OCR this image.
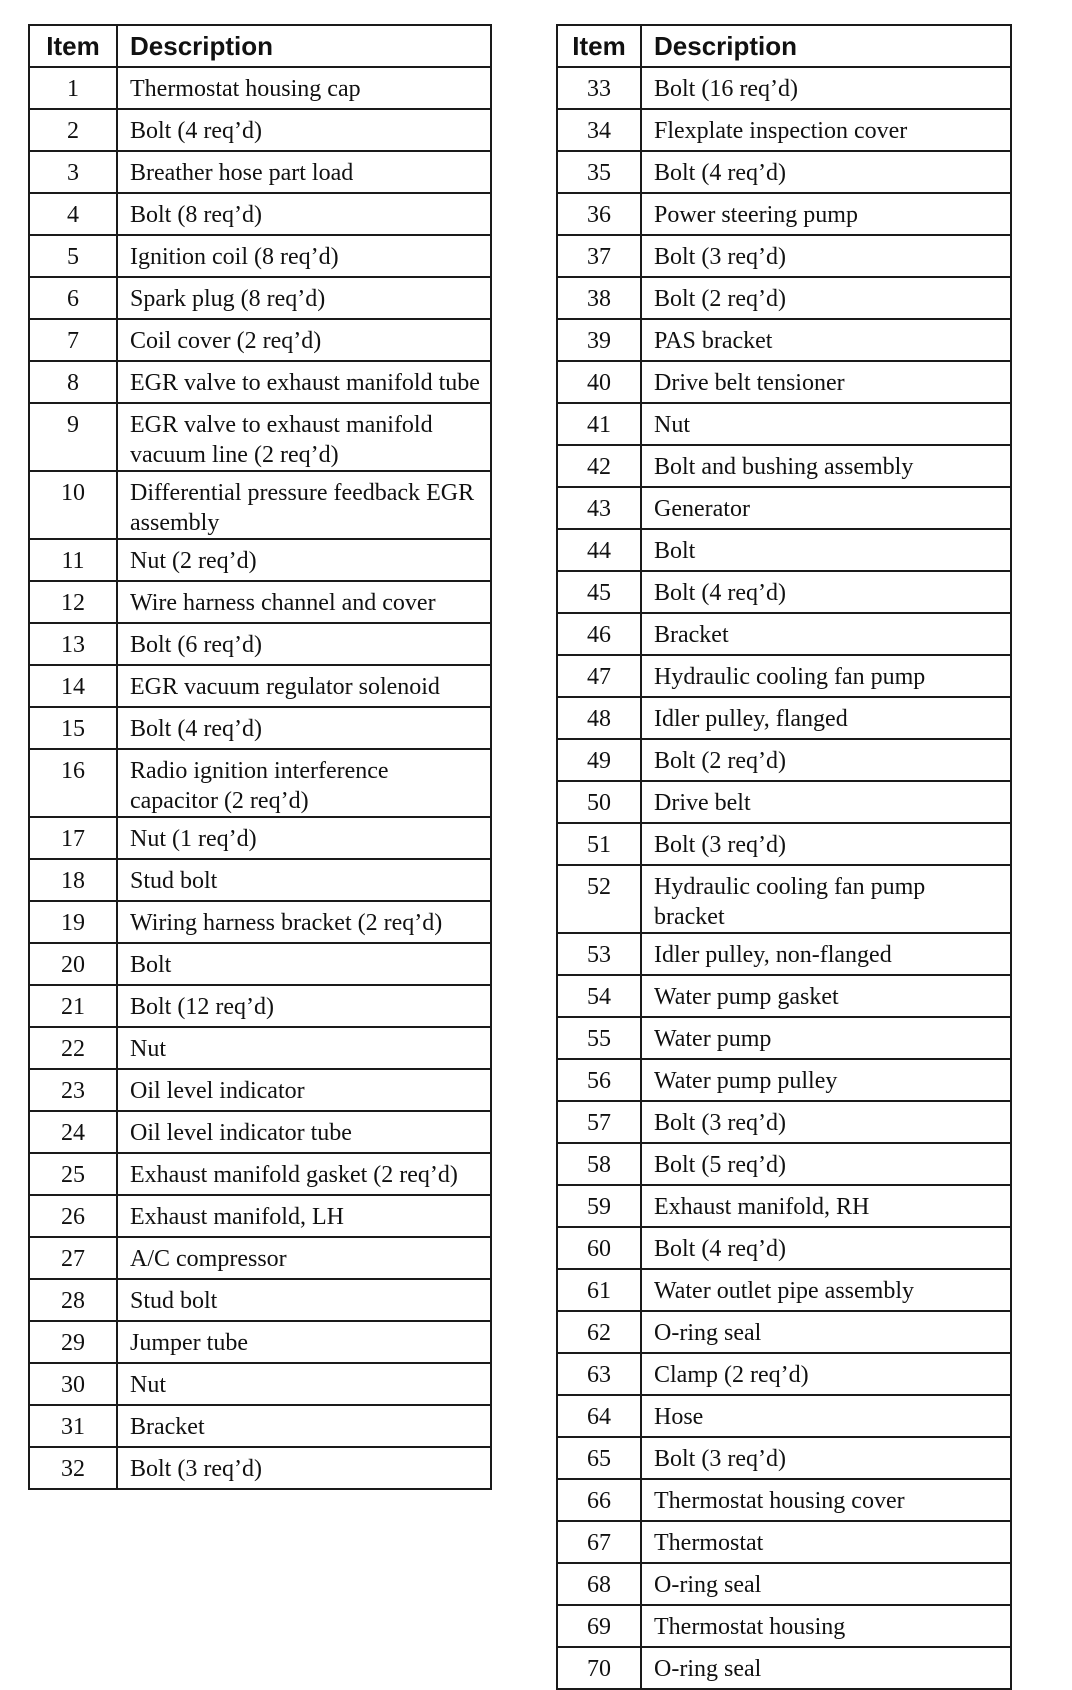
Item	Description
1	Thermostat housing cap
2	Bolt (4 req’d)
3	Breather hose part load
4	Bolt (8 req’d)
5	Ignition coil (8 req’d)
6	Spark plug (8 req’d)
7	Coil cover (2 req’d)
8	EGR valve to exhaust manifold tube
9	EGR valve to exhaust manifold vacuum line (2 req’d)
10	Differential pressure feedback EGR assembly
11	Nut (2 req’d)
12	Wire harness channel and cover
13	Bolt (6 req’d)
14	EGR vacuum regulator solenoid
15	Bolt (4 req’d)
16	Radio ignition interference capacitor (2 req’d)
17	Nut (1 req’d)
18	Stud bolt
19	Wiring harness bracket (2 req’d)
20	Bolt
21	Bolt (12 req’d)
22	Nut
23	Oil level indicator
24	Oil level indicator tube
25	Exhaust manifold gasket (2 req’d)
26	Exhaust manifold, LH
27	A/C compressor
28	Stud bolt
29	Jumper tube
30	Nut
31	Bracket
32	Bolt (3 req’d)
Item	Description
33	Bolt (16 req’d)
34	Flexplate inspection cover
35	Bolt (4 req’d)
36	Power steering pump
37	Bolt (3 req’d)
38	Bolt (2 req’d)
39	PAS bracket
40	Drive belt tensioner
41	Nut
42	Bolt and bushing assembly
43	Generator
44	Bolt
45	Bolt (4 req’d)
46	Bracket
47	Hydraulic cooling fan pump
48	Idler pulley, flanged
49	Bolt (2 req’d)
50	Drive belt
51	Bolt (3 req’d)
52	Hydraulic cooling fan pump bracket
53	Idler pulley, non-flanged
54	Water pump gasket
55	Water pump
56	Water pump pulley
57	Bolt (3 req’d)
58	Bolt (5 req’d)
59	Exhaust manifold, RH
60	Bolt (4 req’d)
61	Water outlet pipe assembly
62	O-ring seal
63	Clamp (2 req’d)
64	Hose
65	Bolt (3 req’d)
66	Thermostat housing cover
67	Thermostat
68	O-ring seal
69	Thermostat housing
70	O-ring seal
